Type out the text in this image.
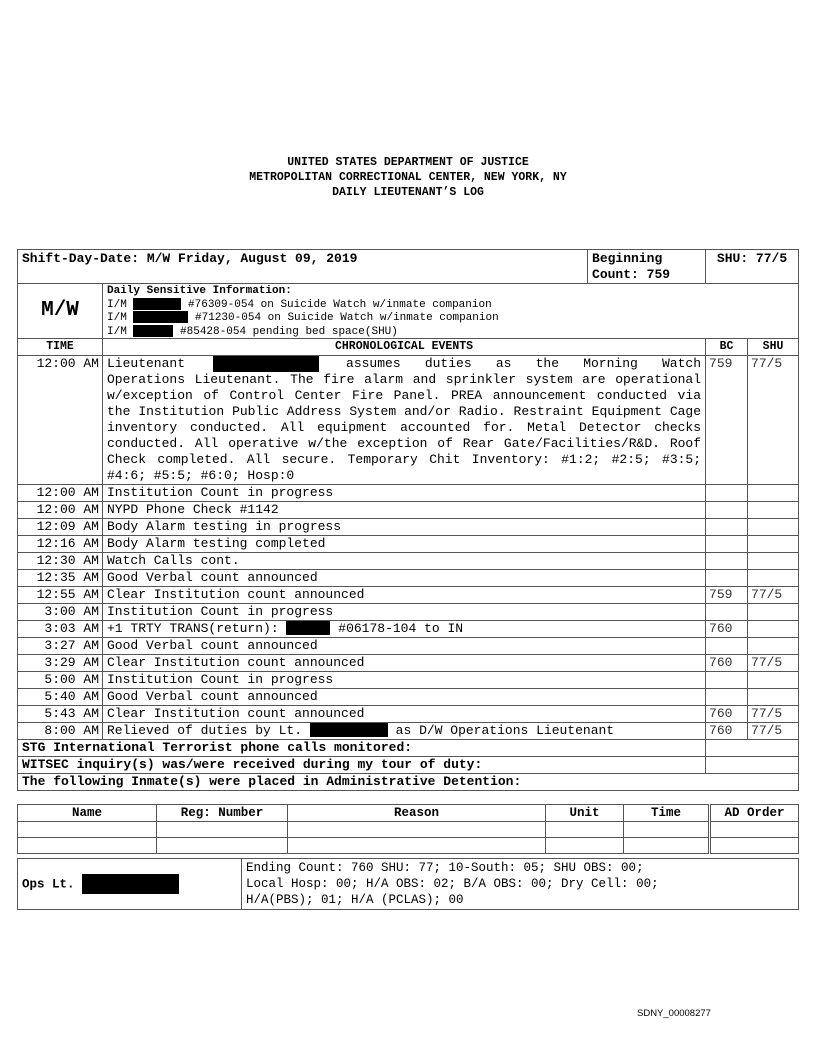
UNITED STATES DEPARTMENT OF JUSTICE
METROPOLITAN CORRECTIONAL CENTER, NEW YORK, NY
DAILY LIEUTENANT’S LOG
Shift-Day-Date: M/W Friday, August 09, 2019		Beginning Count: 759	SHU: 77/5	
M/W	Daily Sensitive Information:
I/M #76309-054 on Suicide Watch w/inmate companion
I/M #71230-054 on Suicide Watch w/inmate companion
I/M #85428-054 pending bed space(SHU)			

TIME	CHRONOLOGICAL EVENTS		BC	SHU
12:00 AM	Lieutenant assumes duties as the Morning Watch
Operations Lieutenant. The fire alarm and sprinkler system are operational w/exception of Control Center Fire Panel. PREA announcement conducted via the Institution Public Address System and/or Radio. Restraint Equipment Cage inventory conducted. All equipment accounted for. Metal Detector checks conducted. All operative w/the exception of Rear Gate/Facilities/R&D. Roof Check completed. All secure. Temporary Chit Inventory: #1:2; #2:5; #3:5; #4:6; #5:5; #6:0; Hosp:0		759	77/5
12:00 AM	Institution Count in progress			
12:00 AM	NYPD Phone Check #1142			
12:09 AM	Body Alarm testing in progress			
12:16 AM	Body Alarm testing completed			
12:30 AM	Watch Calls cont.			
12:35 AM	Good Verbal count announced			
12:55 AM	Clear Institution count announced		759	77/5
3:00 AM	Institution Count in progress			
3:03 AM	+1 TRTY TRANS(return): #06178-104 to IN		760	
3:27 AM	Good Verbal count announced			
3:29 AM	Clear Institution count announced		760	77/5
5:00 AM	Institution Count in progress			
5:40 AM	Good Verbal count announced			
5:43 AM	Clear Institution count announced		760	77/5
8:00 AM	Relieved of duties by Lt. as D/W Operations Lieutenant		760	77/5
STG International Terrorist phone calls monitored:				
WITSEC inquiry(s) was/were received during my tour of duty:				
The following Inmate(s) were placed in Administrative Detention:				
Name	Reg: Number	Reason	Unit	Time	AD Order

Ops Lt.	
Ending Count: 760 SHU: 77; 10-South: 05; SHU OBS: 00;
Local Hosp: 00; H/A OBS: 02; B/A OBS: 00; Dry Cell: 00;
H/A(PBS); 01; H/A (PCLAS); 00
SDNY_00008277
